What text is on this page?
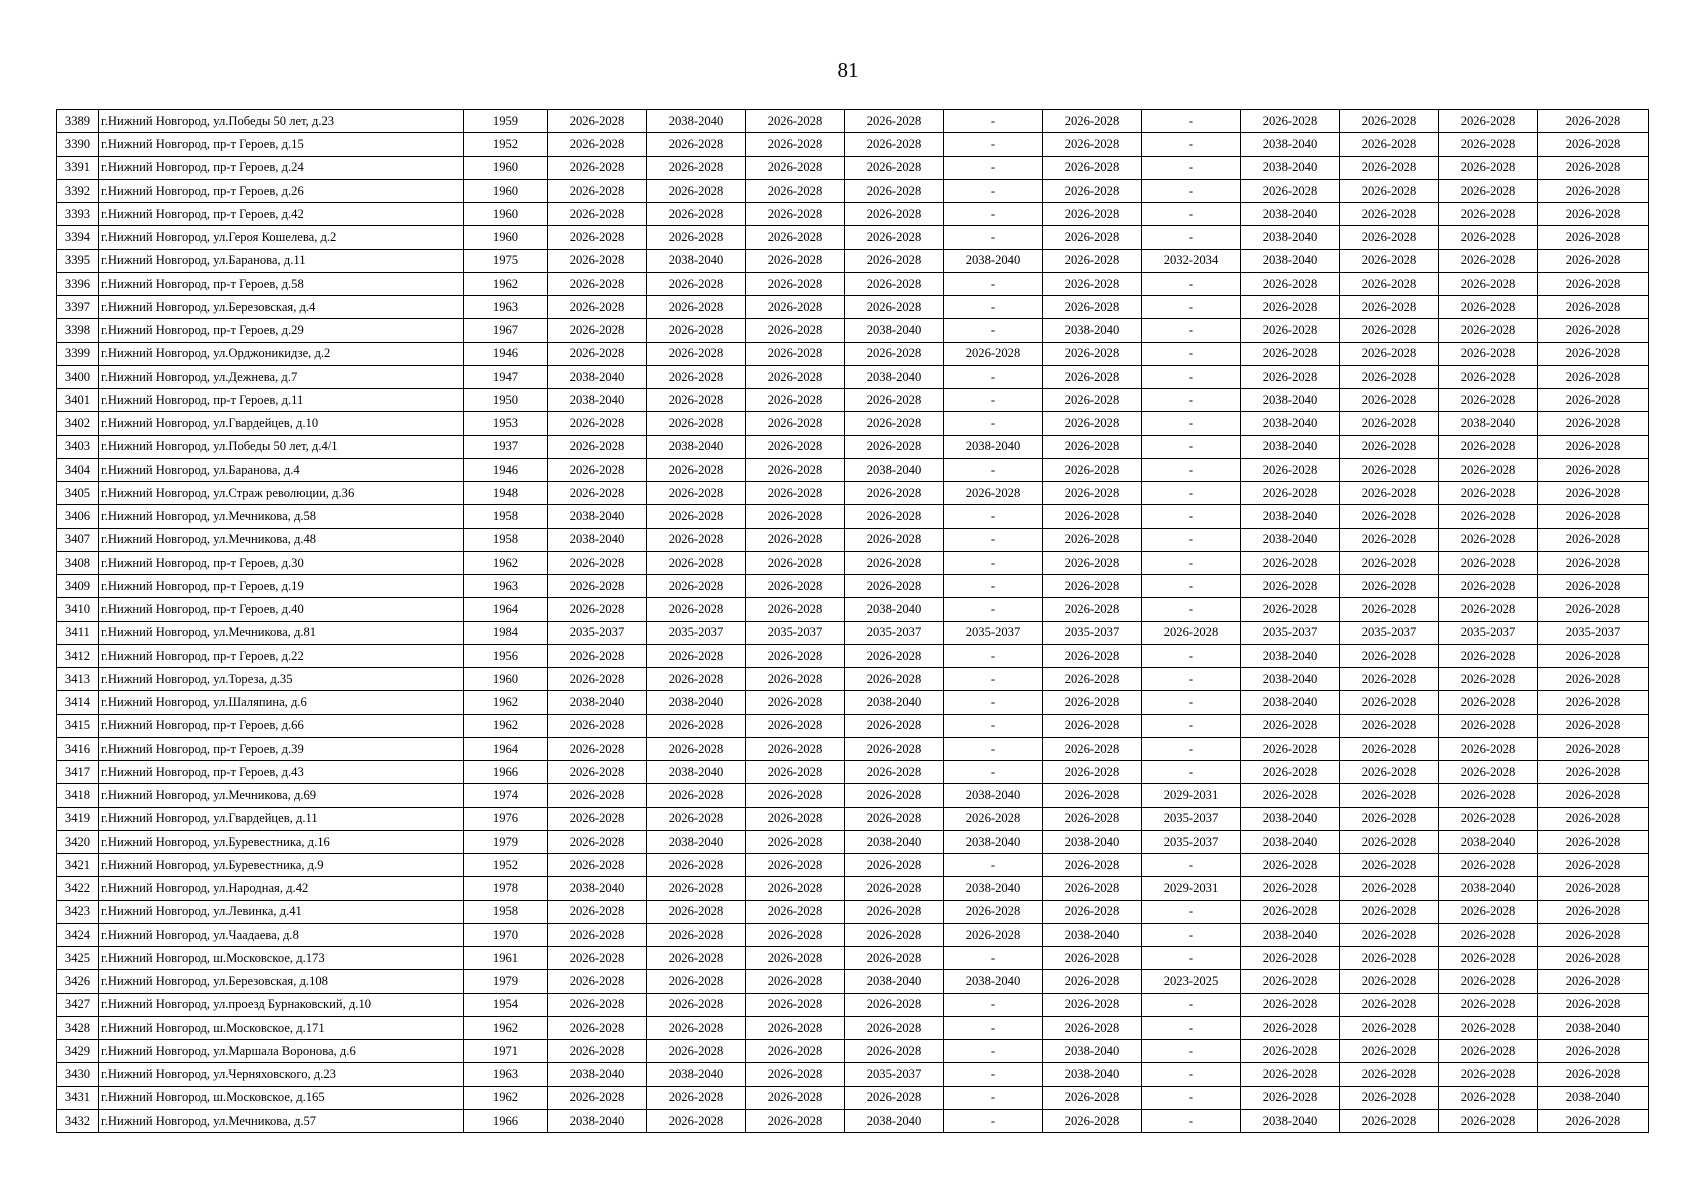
81
3389	г.Нижний Новгород, ул.Победы 50 лет, д.23	1959	2026-2028	2038-2040	2026-2028	2026-2028	-	2026-2028	-	2026-2028	2026-2028	2026-2028	2026-2028
3390	г.Нижний Новгород, пр-т Героев, д.15	1952	2026-2028	2026-2028	2026-2028	2026-2028	-	2026-2028	-	2038-2040	2026-2028	2026-2028	2026-2028
3391	г.Нижний Новгород, пр-т Героев, д.24	1960	2026-2028	2026-2028	2026-2028	2026-2028	-	2026-2028	-	2038-2040	2026-2028	2026-2028	2026-2028
3392	г.Нижний Новгород, пр-т Героев, д.26	1960	2026-2028	2026-2028	2026-2028	2026-2028	-	2026-2028	-	2026-2028	2026-2028	2026-2028	2026-2028
3393	г.Нижний Новгород, пр-т Героев, д.42	1960	2026-2028	2026-2028	2026-2028	2026-2028	-	2026-2028	-	2038-2040	2026-2028	2026-2028	2026-2028
3394	г.Нижний Новгород, ул.Героя Кошелева, д.2	1960	2026-2028	2026-2028	2026-2028	2026-2028	-	2026-2028	-	2038-2040	2026-2028	2026-2028	2026-2028
3395	г.Нижний Новгород, ул.Баранова, д.11	1975	2026-2028	2038-2040	2026-2028	2026-2028	2038-2040	2026-2028	2032-2034	2038-2040	2026-2028	2026-2028	2026-2028
3396	г.Нижний Новгород, пр-т Героев, д.58	1962	2026-2028	2026-2028	2026-2028	2026-2028	-	2026-2028	-	2026-2028	2026-2028	2026-2028	2026-2028
3397	г.Нижний Новгород, ул.Березовская, д.4	1963	2026-2028	2026-2028	2026-2028	2026-2028	-	2026-2028	-	2026-2028	2026-2028	2026-2028	2026-2028
3398	г.Нижний Новгород, пр-т Героев, д.29	1967	2026-2028	2026-2028	2026-2028	2038-2040	-	2038-2040	-	2026-2028	2026-2028	2026-2028	2026-2028
3399	г.Нижний Новгород, ул.Орджоникидзе, д.2	1946	2026-2028	2026-2028	2026-2028	2026-2028	2026-2028	2026-2028	-	2026-2028	2026-2028	2026-2028	2026-2028
3400	г.Нижний Новгород, ул.Дежнева, д.7	1947	2038-2040	2026-2028	2026-2028	2038-2040	-	2026-2028	-	2026-2028	2026-2028	2026-2028	2026-2028
3401	г.Нижний Новгород, пр-т Героев, д.11	1950	2038-2040	2026-2028	2026-2028	2026-2028	-	2026-2028	-	2038-2040	2026-2028	2026-2028	2026-2028
3402	г.Нижний Новгород, ул.Гвардейцев, д.10	1953	2026-2028	2026-2028	2026-2028	2026-2028	-	2026-2028	-	2038-2040	2026-2028	2038-2040	2026-2028
3403	г.Нижний Новгород, ул.Победы 50 лет, д.4/1	1937	2026-2028	2038-2040	2026-2028	2026-2028	2038-2040	2026-2028	-	2038-2040	2026-2028	2026-2028	2026-2028
3404	г.Нижний Новгород, ул.Баранова, д.4	1946	2026-2028	2026-2028	2026-2028	2038-2040	-	2026-2028	-	2026-2028	2026-2028	2026-2028	2026-2028
3405	г.Нижний Новгород, ул.Страж революции, д.36	1948	2026-2028	2026-2028	2026-2028	2026-2028	2026-2028	2026-2028	-	2026-2028	2026-2028	2026-2028	2026-2028
3406	г.Нижний Новгород, ул.Мечникова, д.58	1958	2038-2040	2026-2028	2026-2028	2026-2028	-	2026-2028	-	2038-2040	2026-2028	2026-2028	2026-2028
3407	г.Нижний Новгород, ул.Мечникова, д.48	1958	2038-2040	2026-2028	2026-2028	2026-2028	-	2026-2028	-	2038-2040	2026-2028	2026-2028	2026-2028
3408	г.Нижний Новгород, пр-т Героев, д.30	1962	2026-2028	2026-2028	2026-2028	2026-2028	-	2026-2028	-	2026-2028	2026-2028	2026-2028	2026-2028
3409	г.Нижний Новгород, пр-т Героев, д.19	1963	2026-2028	2026-2028	2026-2028	2026-2028	-	2026-2028	-	2026-2028	2026-2028	2026-2028	2026-2028
3410	г.Нижний Новгород, пр-т Героев, д.40	1964	2026-2028	2026-2028	2026-2028	2038-2040	-	2026-2028	-	2026-2028	2026-2028	2026-2028	2026-2028
3411	г.Нижний Новгород, ул.Мечникова, д.81	1984	2035-2037	2035-2037	2035-2037	2035-2037	2035-2037	2035-2037	2026-2028	2035-2037	2035-2037	2035-2037	2035-2037
3412	г.Нижний Новгород, пр-т Героев, д.22	1956	2026-2028	2026-2028	2026-2028	2026-2028	-	2026-2028	-	2038-2040	2026-2028	2026-2028	2026-2028
3413	г.Нижний Новгород, ул.Тореза, д.35	1960	2026-2028	2026-2028	2026-2028	2026-2028	-	2026-2028	-	2038-2040	2026-2028	2026-2028	2026-2028
3414	г.Нижний Новгород, ул.Шаляпина, д.6	1962	2038-2040	2038-2040	2026-2028	2038-2040	-	2026-2028	-	2038-2040	2026-2028	2026-2028	2026-2028
3415	г.Нижний Новгород, пр-т Героев, д.66	1962	2026-2028	2026-2028	2026-2028	2026-2028	-	2026-2028	-	2026-2028	2026-2028	2026-2028	2026-2028
3416	г.Нижний Новгород, пр-т Героев, д.39	1964	2026-2028	2026-2028	2026-2028	2026-2028	-	2026-2028	-	2026-2028	2026-2028	2026-2028	2026-2028
3417	г.Нижний Новгород, пр-т Героев, д.43	1966	2026-2028	2038-2040	2026-2028	2026-2028	-	2026-2028	-	2026-2028	2026-2028	2026-2028	2026-2028
3418	г.Нижний Новгород, ул.Мечникова, д.69	1974	2026-2028	2026-2028	2026-2028	2026-2028	2038-2040	2026-2028	2029-2031	2026-2028	2026-2028	2026-2028	2026-2028
3419	г.Нижний Новгород, ул.Гвардейцев, д.11	1976	2026-2028	2026-2028	2026-2028	2026-2028	2026-2028	2026-2028	2035-2037	2038-2040	2026-2028	2026-2028	2026-2028
3420	г.Нижний Новгород, ул.Буревестника, д.16	1979	2026-2028	2038-2040	2026-2028	2038-2040	2038-2040	2038-2040	2035-2037	2038-2040	2026-2028	2038-2040	2026-2028
3421	г.Нижний Новгород, ул.Буревестника, д.9	1952	2026-2028	2026-2028	2026-2028	2026-2028	-	2026-2028	-	2026-2028	2026-2028	2026-2028	2026-2028
3422	г.Нижний Новгород, ул.Народная, д.42	1978	2038-2040	2026-2028	2026-2028	2026-2028	2038-2040	2026-2028	2029-2031	2026-2028	2026-2028	2038-2040	2026-2028
3423	г.Нижний Новгород, ул.Левинка, д.41	1958	2026-2028	2026-2028	2026-2028	2026-2028	2026-2028	2026-2028	-	2026-2028	2026-2028	2026-2028	2026-2028
3424	г.Нижний Новгород, ул.Чаадаева, д.8	1970	2026-2028	2026-2028	2026-2028	2026-2028	2026-2028	2038-2040	-	2038-2040	2026-2028	2026-2028	2026-2028
3425	г.Нижний Новгород, ш.Московское, д.173	1961	2026-2028	2026-2028	2026-2028	2026-2028	-	2026-2028	-	2026-2028	2026-2028	2026-2028	2026-2028
3426	г.Нижний Новгород, ул.Березовская, д.108	1979	2026-2028	2026-2028	2026-2028	2038-2040	2038-2040	2026-2028	2023-2025	2026-2028	2026-2028	2026-2028	2026-2028
3427	г.Нижний Новгород, ул.проезд Бурнаковский, д.10	1954	2026-2028	2026-2028	2026-2028	2026-2028	-	2026-2028	-	2026-2028	2026-2028	2026-2028	2026-2028
3428	г.Нижний Новгород, ш.Московское, д.171	1962	2026-2028	2026-2028	2026-2028	2026-2028	-	2026-2028	-	2026-2028	2026-2028	2026-2028	2038-2040
3429	г.Нижний Новгород, ул.Маршала Воронова, д.6	1971	2026-2028	2026-2028	2026-2028	2026-2028	-	2038-2040	-	2026-2028	2026-2028	2026-2028	2026-2028
3430	г.Нижний Новгород, ул.Черняховского, д.23	1963	2038-2040	2038-2040	2026-2028	2035-2037	-	2038-2040	-	2026-2028	2026-2028	2026-2028	2026-2028
3431	г.Нижний Новгород, ш.Московское, д.165	1962	2026-2028	2026-2028	2026-2028	2026-2028	-	2026-2028	-	2026-2028	2026-2028	2026-2028	2038-2040
3432	г.Нижний Новгород, ул.Мечникова, д.57	1966	2038-2040	2026-2028	2026-2028	2038-2040	-	2026-2028	-	2038-2040	2026-2028	2026-2028	2026-2028
